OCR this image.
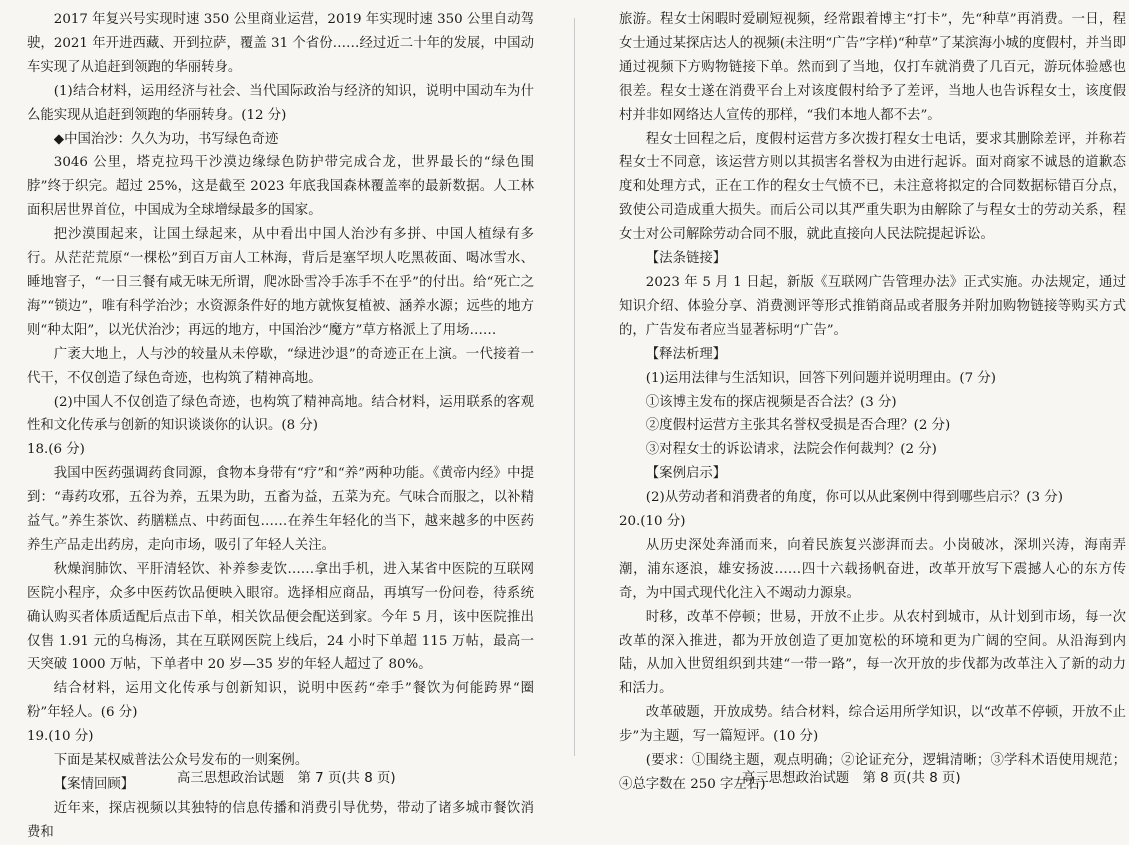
2017 年复兴号实现时速 350 公里商业运营，2019 年实现时速 350 公里自动驾驶，2021 年开进西藏、开到拉萨，覆盖 31 个省份……经过近二十年的发展，中国动车实现了从追赶到领跑的华丽转身。

(1)结合材料，运用经济与社会、当代国际政治与经济的知识，说明中国动车为什么能实现从追赶到领跑的华丽转身。(12 分)

◆中国治沙：久久为功，书写绿色奇迹

3046 公里，塔克拉玛干沙漠边缘绿色防护带完成合龙，世界最长的“绿色围脖”终于织完。超过 25%，这是截至 2023 年底我国森林覆盖率的最新数据。人工林面积居世界首位，中国成为全球增绿最多的国家。

把沙漠围起来，让国土绿起来，从中看出中国人治沙有多拼、中国人植绿有多行。从茫茫荒原“一棵松”到百万亩人工林海，背后是塞罕坝人吃黑莜面、喝冰雪水、睡地窨子，“一日三餐有咸无味无所谓，爬冰卧雪冷手冻手不在乎”的付出。给“死亡之海”“锁边”，唯有科学治沙；水资源条件好的地方就恢复植被、涵养水源；远些的地方则“种太阳”，以光伏治沙；再远的地方，中国治沙“魔方”草方格派上了用场……

广袤大地上，人与沙的较量从未停歇，“绿进沙退”的奇迹正在上演。一代接着一代干，不仅创造了绿色奇迹，也构筑了精神高地。

(2)中国人不仅创造了绿色奇迹，也构筑了精神高地。结合材料，运用联系的客观性和文化传承与创新的知识谈谈你的认识。(8 分)

18.(6 分)

我国中医药强调药食同源，食物本身带有“疗”和“养”两种功能。《黄帝内经》中提到：“毒药攻邪，五谷为养，五果为助，五畜为益，五菜为充。气味合而服之，以补精益气。”养生茶饮、药膳糕点、中药面包……在养生年轻化的当下，越来越多的中医药养生产品走出药房，走向市场，吸引了年轻人关注。

秋燥润肺饮、平肝清轻饮、补养参麦饮……拿出手机，进入某省中医院的互联网医院小程序，众多中医药饮品便映入眼帘。选择相应商品，再填写一份问卷，待系统确认购买者体质适配后点击下单，相关饮品便会配送到家。今年 5 月，该中医院推出仅售 1.91 元的乌梅汤，其在互联网医院上线后，24 小时下单超 115 万帖，最高一天突破 1000 万帖，下单者中 20 岁—35 岁的年轻人超过了 80%。

结合材料，运用文化传承与创新知识，说明中医药“牵手”餐饮为何能跨界“圈粉”年轻人。(6 分)

19.(10 分)

下面是某权威普法公众号发布的一则案例。

【案情回顾】

近年来，探店视频以其独特的信息传播和消费引导优势，带动了诸多城市餐饮消费和

旅游。程女士闲暇时爱刷短视频，经常跟着博主“打卡”，先“种草”再消费。一日，程女士通过某探店达人的视频(未注明“广告”字样)“种草”了某滨海小城的度假村，并当即通过视频下方购物链接下单。然而到了当地，仅打车就消费了几百元，游玩体验感也很差。程女士遂在消费平台上对该度假村给予了差评，当地人也告诉程女士，该度假村并非如网络达人宣传的那样，“我们本地人都不去”。

程女士回程之后，度假村运营方多次拨打程女士电话，要求其删除差评，并称若程女士不同意，该运营方则以其损害名誉权为由进行起诉。面对商家不诚恳的道歉态度和处理方式，正在工作的程女士气愤不已，未注意将拟定的合同数据标错百分点，致使公司造成重大损失。而后公司以其严重失职为由解除了与程女士的劳动关系，程女士对公司解除劳动合同不服，就此直接向人民法院提起诉讼。

【法条链接】

2023 年 5 月 1 日起，新版《互联网广告管理办法》正式实施。办法规定，通过知识介绍、体验分享、消费测评等形式推销商品或者服务并附加购物链接等购买方式的，广告发布者应当显著标明“广告”。

【释法析理】

(1)运用法律与生活知识，回答下列问题并说明理由。(7 分)

①该博主发布的探店视频是否合法？(3 分)

②度假村运营方主张其名誉权受损是否合理？(2 分)

③对程女士的诉讼请求，法院会作何裁判？(2 分)

【案例启示】

(2)从劳动者和消费者的角度，你可以从此案例中得到哪些启示？(3 分)

20.(10 分)

从历史深处奔涌而来，向着民族复兴澎湃而去。小岗破冰，深圳兴涛，海南弄潮，浦东逐浪，雄安扬波……四十六载扬帆奋进，改革开放写下震撼人心的东方传奇，为中国式现代化注入不竭动力源泉。

时移，改革不停顿；世易，开放不止步。从农村到城市，从计划到市场，每一次改革的深入推进，都为开放创造了更加宽松的环境和更为广阔的空间。从沿海到内陆，从加入世贸组织到共建“一带一路”，每一次开放的步伐都为改革注入了新的动力和活力。

改革破题，开放成势。结合材料，综合运用所学知识，以“改革不停顿，开放不止步”为主题，写一篇短评。(10 分)

(要求：①围绕主题，观点明确；②论证充分，逻辑清晰；③学科术语使用规范；④总字数在 250 字左右)

高三思想政治试题　第 7 页(共 8 页)	高三思想政治试题　第 8 页(共 8 页)
